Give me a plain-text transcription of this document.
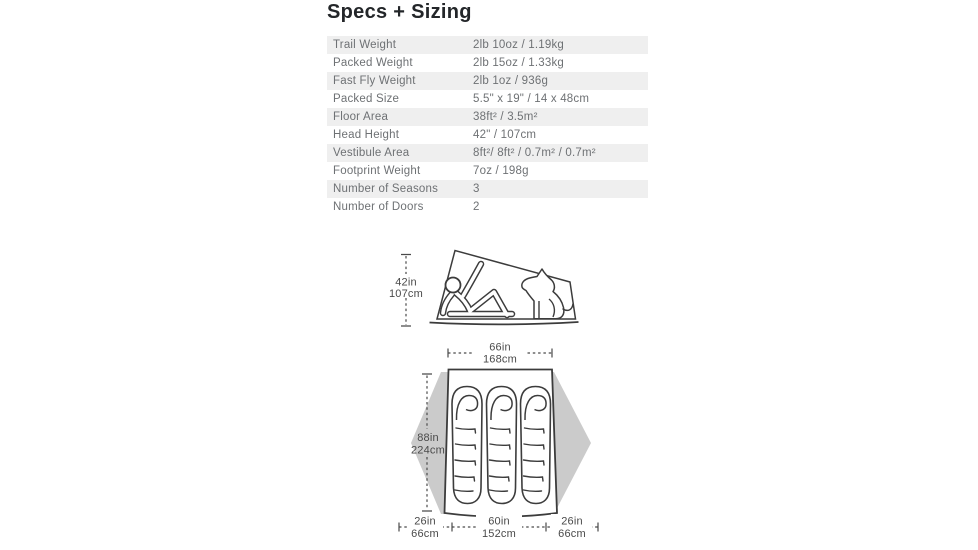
Specs + Sizing
Trail Weight	2lb 10oz / 1.19kg
Packed Weight	2lb 15oz / 1.33kg
Fast Fly Weight	2lb 1oz / 936g
Packed Size	5.5" x 19" / 14 x 48cm
Floor Area	38ft² / 3.5m²
Head Height	42" / 107cm
Vestibule Area	8ft²/ 8ft² / 0.7m² / 0.7m²
Footprint Weight	7oz / 198g
Number of Seasons	3
Number of Doors	2
42in
107cm
66in
168cm
88in
224cm
26in
66cm
60in
152cm
26in
66cm
